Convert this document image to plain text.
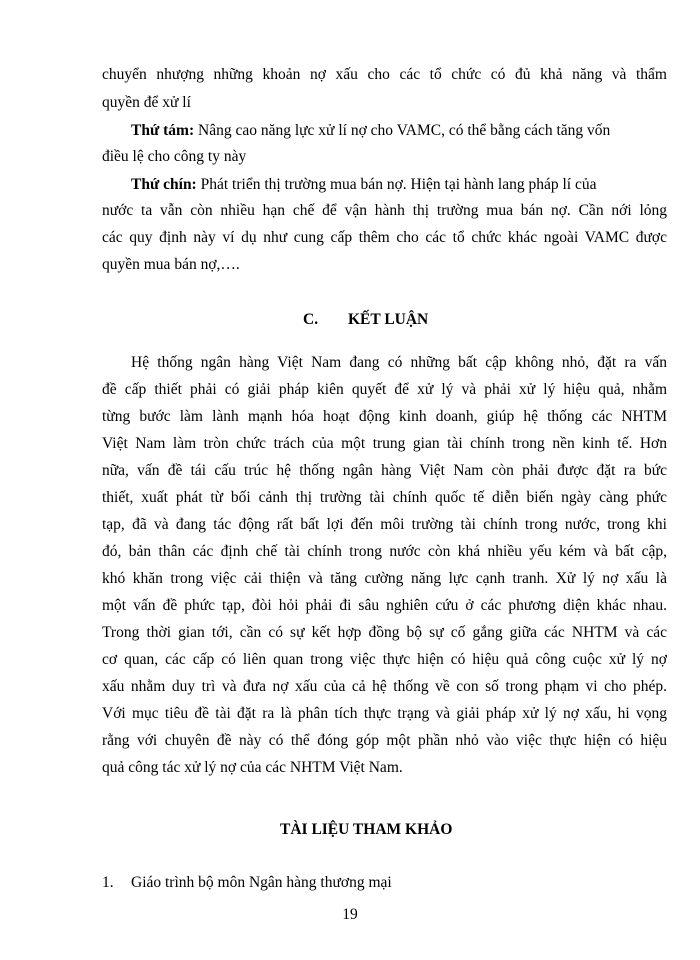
chuyển nhượng những khoản nợ xấu cho các tổ chức có đủ khả năng và thẩm
quyền để xử lí
Thứ tám: Nâng cao năng lực xử lí nợ cho VAMC, có thể bằng cách tăng vốn
điều lệ cho công ty này
Thứ chín: Phát triển thị trường mua bán nợ. Hiện tại hành lang pháp lí của
nước ta vẫn còn nhiều hạn chế để vận hành thị trường mua bán nợ. Cần nới lỏng
các quy định này ví dụ như cung cấp thêm cho các tổ chức khác ngoài VAMC được
quyền mua bán nợ,….
C. KẾT LUẬN
Hệ thống ngân hàng Việt Nam đang có những bất cập không nhỏ, đặt ra vấn
đề cấp thiết phải có giải pháp kiên quyết để xử lý và phải xử lý hiệu quả, nhằm
từng bước làm lành mạnh hóa hoạt động kinh doanh, giúp hệ thống các NHTM
Việt Nam làm tròn chức trách của một trung gian tài chính trong nền kinh tế. Hơn
nữa, vấn đề tái cấu trúc hệ thống ngân hàng Việt Nam còn phải được đặt ra bức
thiết, xuất phát từ bối cảnh thị trường tài chính quốc tế diễn biến ngày càng phức
tạp, đã và đang tác động rất bất lợi đến môi trường tài chính trong nước, trong khi
đó, bản thân các định chế tài chính trong nước còn khá nhiều yếu kém và bất cập,
khó khăn trong việc cải thiện và tăng cường năng lực cạnh tranh. Xử lý nợ xấu là
một vấn đề phức tạp, đòi hỏi phải đi sâu nghiên cứu ở các phương diện khác nhau.
Trong thời gian tới, cần có sự kết hợp đồng bộ sự cố gắng giữa các NHTM và các
cơ quan, các cấp có liên quan trong việc thực hiện có hiệu quả công cuộc xử lý nợ
xấu nhằm duy trì và đưa nợ xấu của cả hệ thống về con số trong phạm vi cho phép.
Với mục tiêu đề tài đặt ra là phân tích thực trạng và giải pháp xử lý nợ xấu, hi vọng
rằng với chuyên đề này có thể đóng góp một phần nhỏ vào việc thực hiện có hiệu
quả công tác xử lý nợ của các NHTM Việt Nam.
TÀI LIỆU THAM KHẢO
1. Giáo trình bộ môn Ngân hàng thương mại
19
